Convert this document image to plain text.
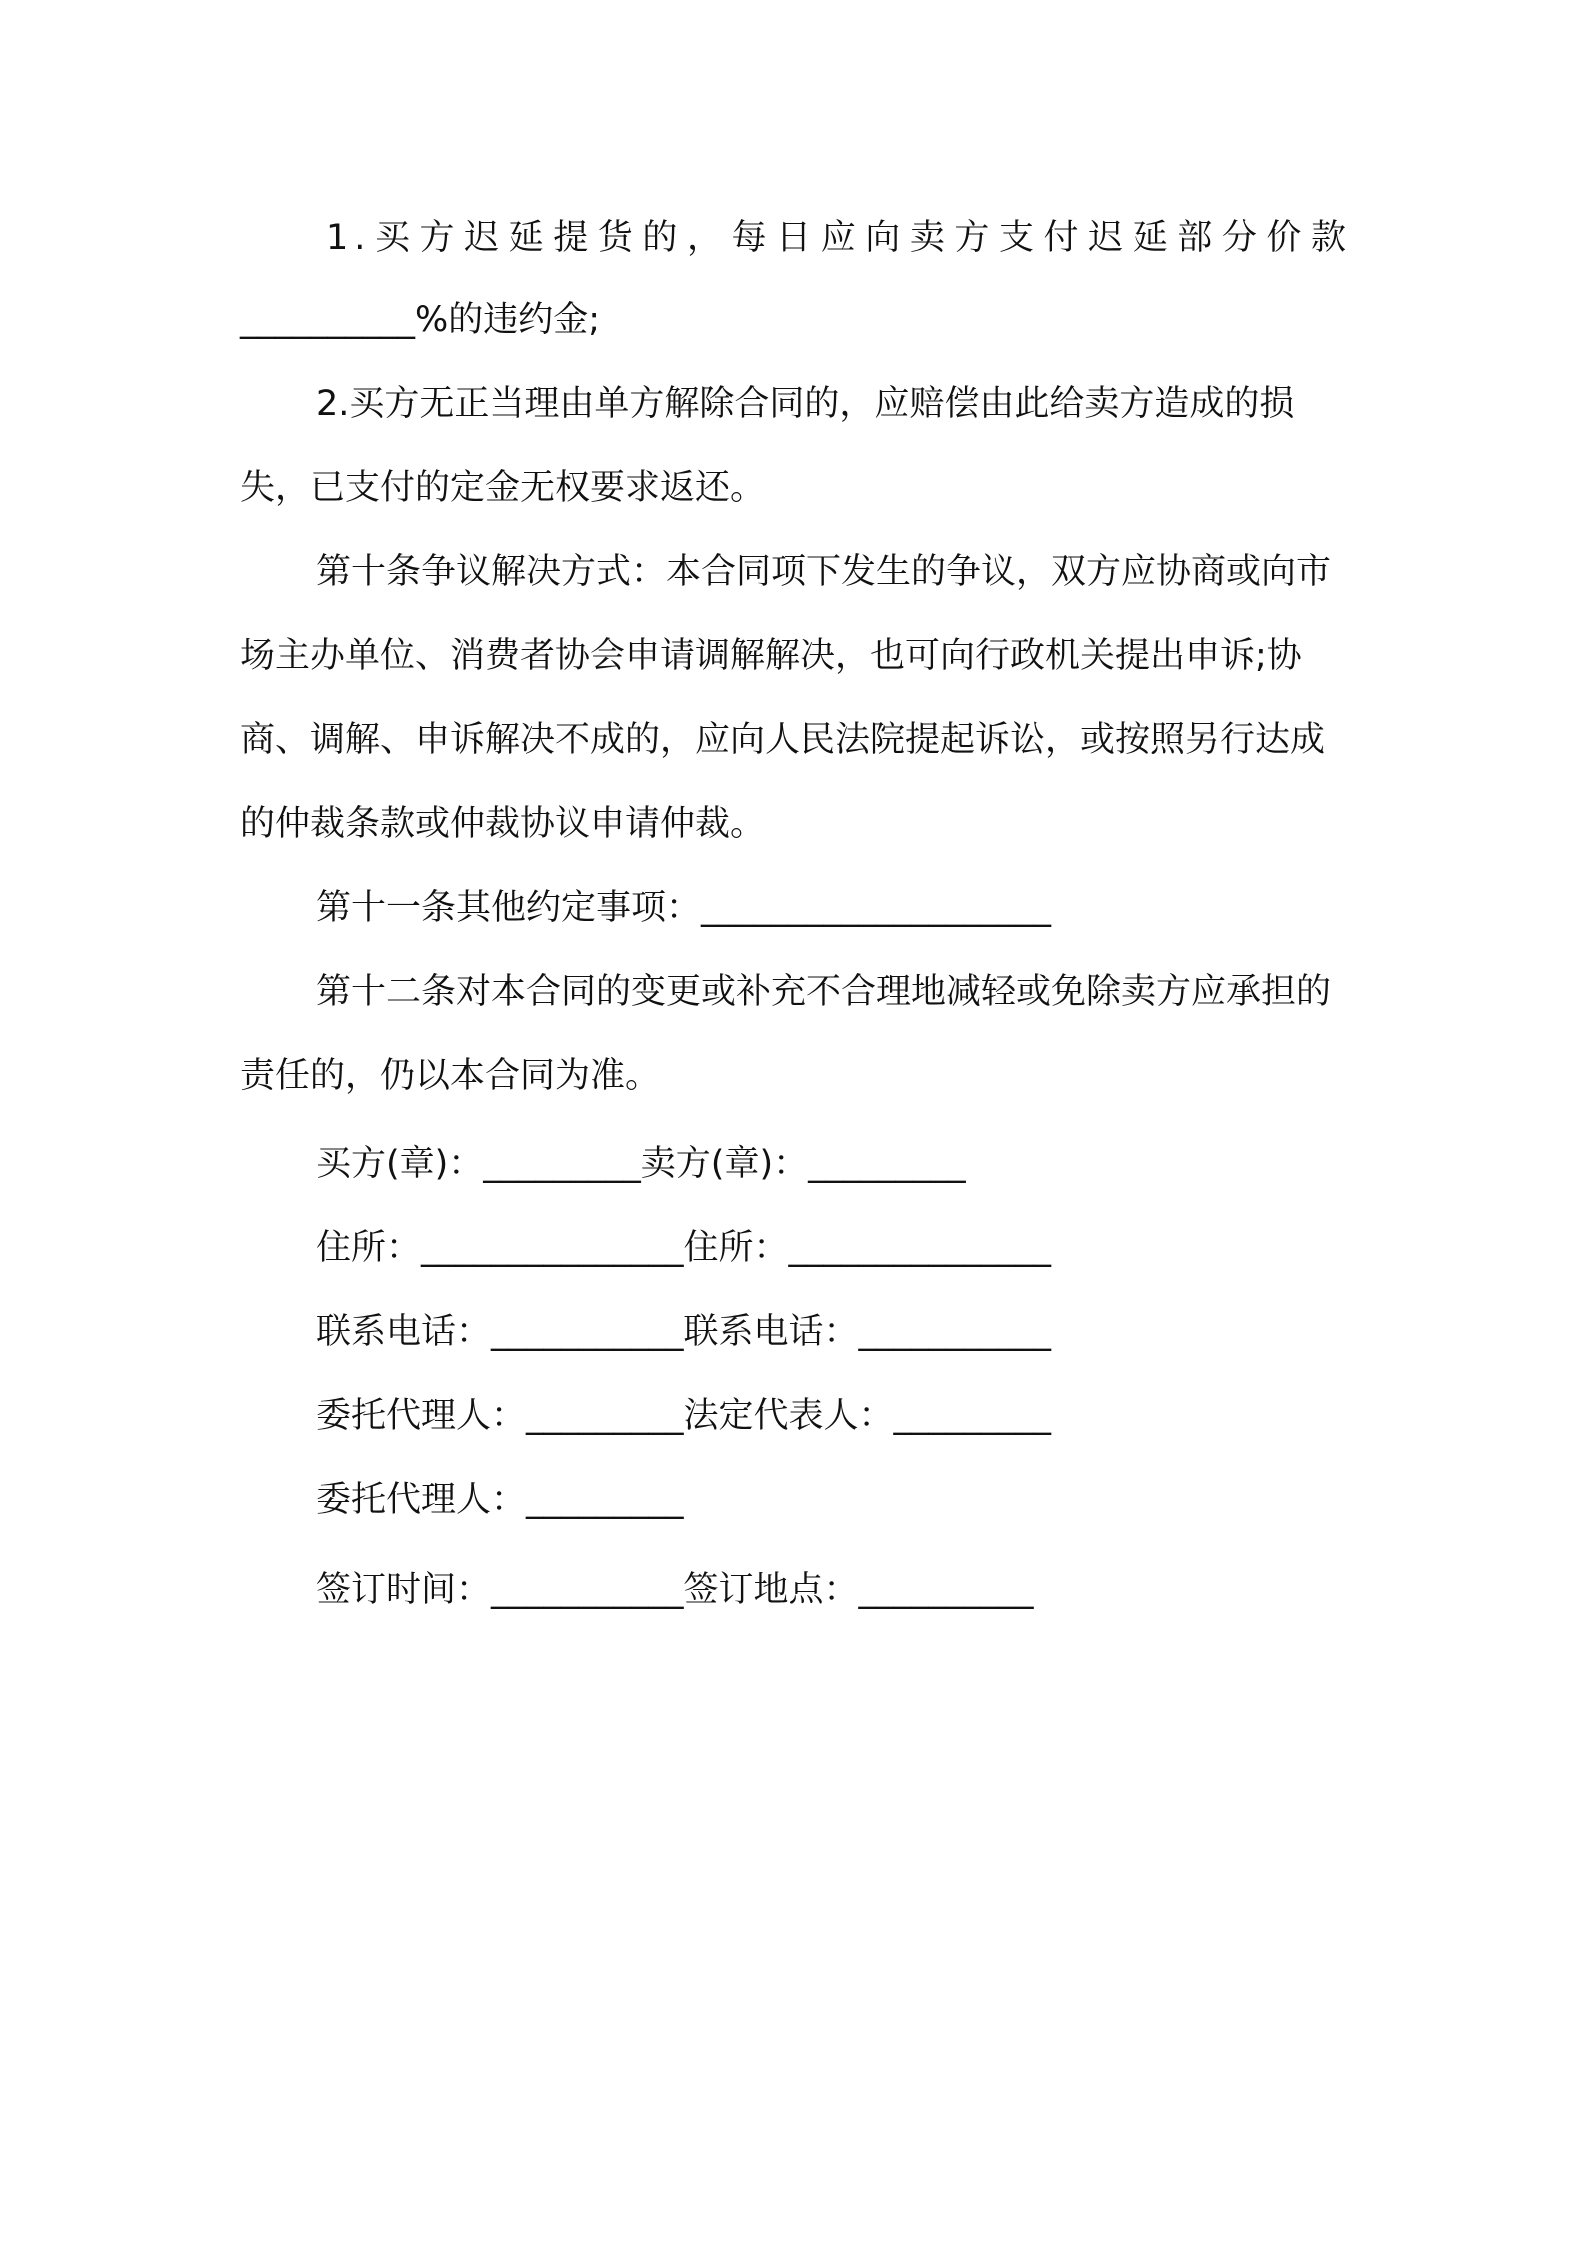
1.买方迟延提货的，每日应向卖方支付迟延部分价款

__________%的违约金;

2.买方无正当理由单方解除合同的，应赔偿由此给卖方造成的损失，已支付的定金无权要求返还。

第十条争议解决方式：本合同项下发生的争议，双方应协商或向市场主办单位、消费者协会申请调解解决，也可向行政机关提出申诉;协商、调解、申诉解决不成的，应向人民法院提起诉讼，或按照另行达成的仲裁条款或仲裁协议申请仲裁。

第十一条其他约定事项：____________________

第十二条对本合同的变更或补充不合理地减轻或免除卖方应承担的责任的，仍以本合同为准。

买方(章)：_________卖方(章)：_________

住所：_______________住所：_______________

联系电话：___________联系电话：___________

委托代理人：_________法定代表人：_________

委托代理人：_________

签订时间：___________签订地点：__________
